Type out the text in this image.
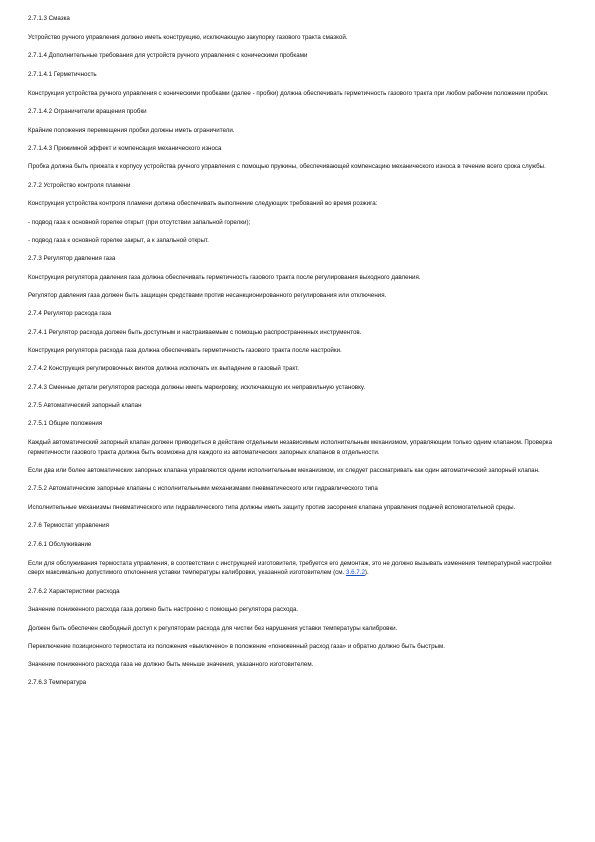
2.7.1.3 Смазка

Устройство ручного управления должно иметь конструкцию, исключающую закупорку газового тракта смазкой.

2.7.1.4 Дополнительные требования для устройств ручного управления с коническими пробками

2.7.1.4.1 Герметичность

Конструкция устройства ручного управления с коническими пробками (далее - пробки) должна обеспечивать герметичность газового тракта при любом рабочем положении пробки.

2.7.1.4.2 Ограничители вращения пробки

Крайние положения перемещения пробки должны иметь ограничители.

2.7.1.4.3 Прижимной эффект и компенсация механического износа

Пробка должна быть прижата к корпусу устройства ручного управления с помощью пружины, обеспечивающей компенсацию механического износа в течение всего срока службы.

2.7.2 Устройство контроля пламени

Конструкция устройства контроля пламени должна обеспечивать выполнение следующих требований во время розжига:

- подвод газа к основной горелке открыт (при отсутствии запальной горелки);

- подвод газа к основной горелке закрыт, а к запальной открыт.

2.7.3 Регулятор давления газа

Конструкция регулятора давления газа должна обеспечивать герметичность газового тракта после регулирования выходного давления.

Регулятор давления газа должен быть защищен средствами против несанкционированного регулирования или отключения.

2.7.4 Регулятор расхода газа

2.7.4.1 Регулятор расхода должен быть доступным и настраиваемым с помощью распространенных инструментов.

Конструкция регулятора расхода газа должна обеспечивать герметичность газового тракта после настройки.

2.7.4.2 Конструкция регулировочных винтов должна исключать их выпадение в газовый тракт.

2.7.4.3 Сменные детали регуляторов расхода должны иметь маркировку, исключающую их неправильную установку.

2.7.5 Автоматический запорный клапан

2.7.5.1 Общие положения

Каждый автоматический запорный клапан должен приводиться в действие отдельным независимым исполнительным механизмом, управляющим только одним клапаном. Проверка герметичности газового тракта должна быть возможна для каждого из автоматических запорных клапанов в отдельности.

Если два или более автоматических запорных клапана управляются одним исполнительным механизмом, их следует рассматривать как один автоматический запорный клапан.

2.7.5.2 Автоматические запорные клапаны с исполнительными механизмами пневматического или гидравлического типа

Исполнительные механизмы пневматического или гидравлического типа должны иметь защиту против засорения клапана управления подачей вспомогательной среды.

2.7.6 Термостат управления

2.7.6.1 Обслуживание

Если для обслуживания термостата управления, в соответствии с инструкцией изготовителя, требуется его демонтаж, это не должно вызывать изменения температурной настройки сверх максимально допустимого отклонения уставки температуры калибровки, указанной изготовителем (см. 3.6.7.2).

2.7.6.2 Характеристики расхода

Значение пониженного расхода газа должно быть настроено с помощью регулятора расхода.

Должен быть обеспечен свободный доступ к регуляторам расхода для чистки без нарушения уставки температуры калибровки.

Переключение позиционного термостата из положения «выключено» в положение «пониженный расход газа» и обратно должно быть быстрым.

Значение пониженного расхода газа не должно быть меньше значения, указанного изготовителем.

2.7.6.3 Температура
